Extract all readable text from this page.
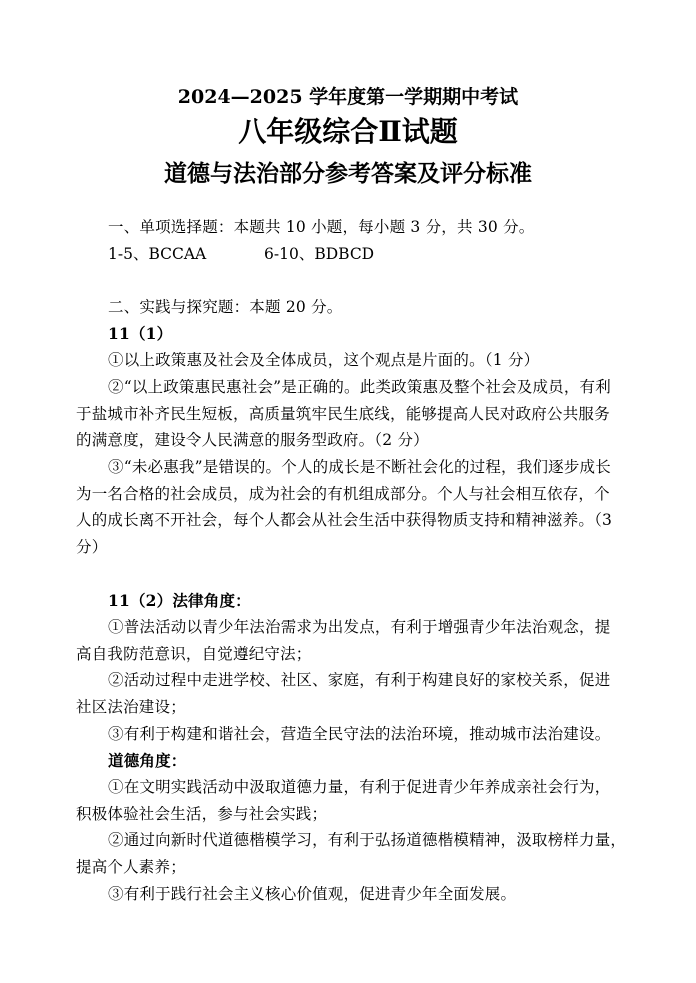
2024—2025 学年度第一学期期中考试
八年级综合Ⅱ试题
道德与法治部分参考答案及评分标准
一、单项选择题：本题共 10 小题，每小题 3 分，共 30 分。
1-5、BCCAA	6-10、BDBCD
二、实践与探究题：本题 20 分。
11（1）
①以上政策惠及社会及全体成员，这个观点是片面的。（1 分）
②“以上政策惠民惠社会”是正确的。此类政策惠及整个社会及成员，有利
于盐城市补齐民生短板，高质量筑牢民生底线，能够提高人民对政府公共服务
的满意度，建设令人民满意的服务型政府。（2 分）
③“未必惠我”是错误的。个人的成长是不断社会化的过程，我们逐步成长
为一名合格的社会成员，成为社会的有机组成部分。个人与社会相互依存，个
人的成长离不开社会，每个人都会从社会生活中获得物质支持和精神滋养。（3
分）
11（2）法律角度：
①普法活动以青少年法治需求为出发点，有利于增强青少年法治观念，提
高自我防范意识，自觉遵纪守法；
②活动过程中走进学校、社区、家庭，有利于构建良好的家校关系，促进
社区法治建设；
③有利于构建和谐社会，营造全民守法的法治环境，推动城市法治建设。
道德角度：
①在文明实践活动中汲取道德力量，有利于促进青少年养成亲社会行为，
积极体验社会生活，参与社会实践；
②通过向新时代道德楷模学习，有利于弘扬道德楷模精神，汲取榜样力量，
提高个人素养；
③有利于践行社会主义核心价值观，促进青少年全面发展。
